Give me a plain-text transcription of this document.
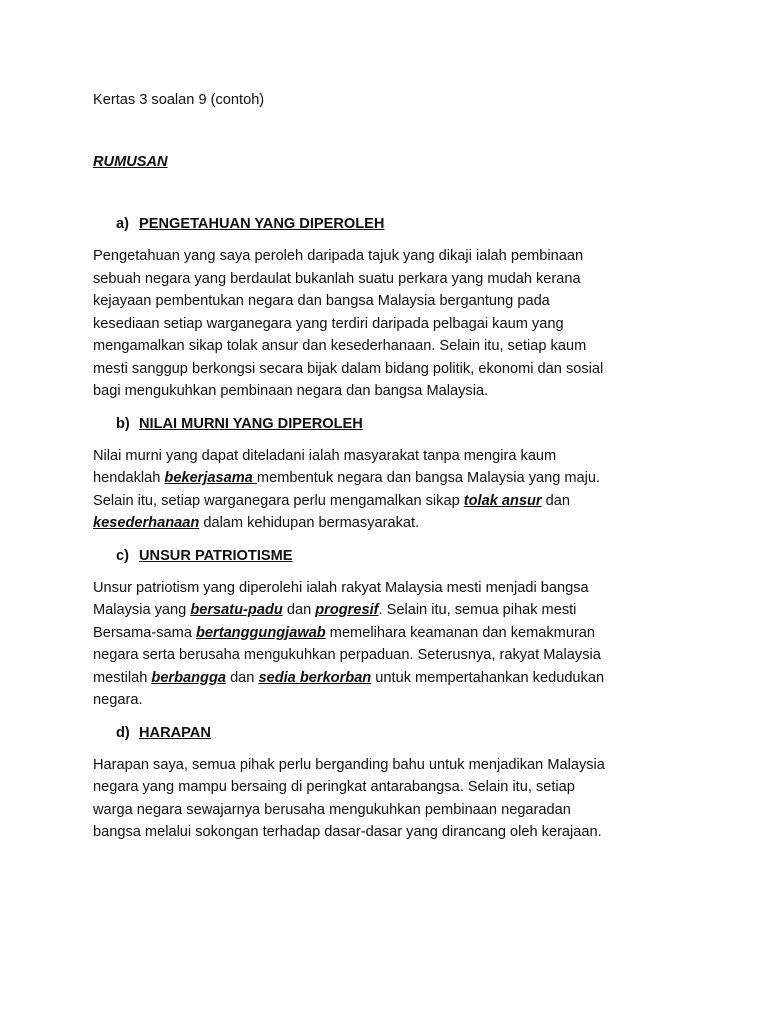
Kertas 3 soalan 9 (contoh)
RUMUSAN
a) PENGETAHUAN YANG DIPEROLEH
Pengetahuan yang saya peroleh daripada tajuk yang dikaji ialah pembinaan
sebuah negara yang berdaulat bukanlah suatu perkara yang mudah kerana
kejayaan pembentukan negara dan bangsa Malaysia bergantung pada
kesediaan setiap warganegara yang terdiri daripada pelbagai kaum yang
mengamalkan sikap tolak ansur dan kesederhanaan. Selain itu, setiap kaum
mesti sanggup berkongsi secara bijak dalam bidang politik, ekonomi dan sosial
bagi mengukuhkan pembinaan negara dan bangsa Malaysia.
b) NILAI MURNI YANG DIPEROLEH
Nilai murni yang dapat diteladani ialah masyarakat tanpa mengira kaum
hendaklah bekerjasama membentuk negara dan bangsa Malaysia yang maju.
Selain itu, setiap warganegara perlu mengamalkan sikap tolak ansur dan
kesederhanaan dalam kehidupan bermasyarakat.
c) UNSUR PATRIOTISME
Unsur patriotism yang diperolehi ialah rakyat Malaysia mesti menjadi bangsa
Malaysia yang bersatu-padu dan progresif. Selain itu, semua pihak mesti
Bersama-sama bertanggungjawab memelihara keamanan dan kemakmuran
negara serta berusaha mengukuhkan perpaduan. Seterusnya, rakyat Malaysia
mestilah berbangga dan sedia berkorban untuk mempertahankan kedudukan
negara.
d) HARAPAN
Harapan saya, semua pihak perlu berganding bahu untuk menjadikan Malaysia
negara yang mampu bersaing di peringkat antarabangsa. Selain itu, setiap
warga negara sewajarnya berusaha mengukuhkan pembinaan negaradan
bangsa melalui sokongan terhadap dasar-dasar yang dirancang oleh kerajaan.
